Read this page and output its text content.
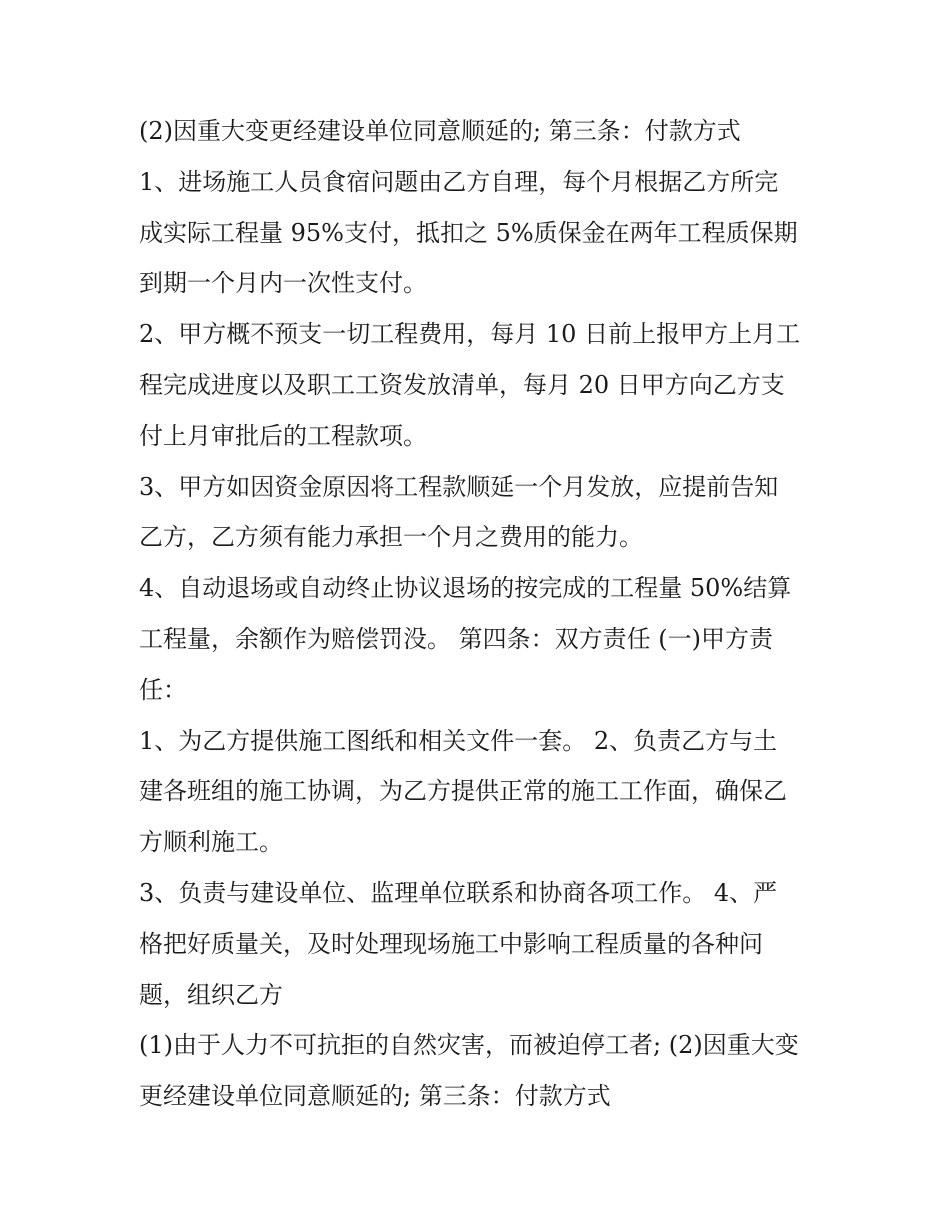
(2)因重大变更经建设单位同意顺延的; 第三条：付款方式

1、进场施工人员食宿问题由乙方自理，每个月根据乙方所完
成实际工程量 95%支付，抵扣之 5%质保金在两年工程质保期
到期一个月内一次性支付。

2、甲方概不预支一切工程费用，每月 10 日前上报甲方上月工
程完成进度以及职工工资发放清单，每月 20 日甲方向乙方支
付上月审批后的工程款项。

3、甲方如因资金原因将工程款顺延一个月发放，应提前告知
乙方，乙方须有能力承担一个月之费用的能力。

4、自动退场或自动终止协议退场的按完成的工程量 50%结算
工程量，余额作为赔偿罚没。 第四条：双方责任 (一)甲方责
任：

1、为乙方提供施工图纸和相关文件一套。 2、负责乙方与土
建各班组的施工协调，为乙方提供正常的施工工作面，确保乙
方顺利施工。

3、负责与建设单位、监理单位联系和协商各项工作。 4、严
格把好质量关，及时处理现场施工中影响工程质量的各种问
题，组织乙方

(1)由于人力不可抗拒的自然灾害，而被迫停工者; (2)因重大变
更经建设单位同意顺延的; 第三条：付款方式
